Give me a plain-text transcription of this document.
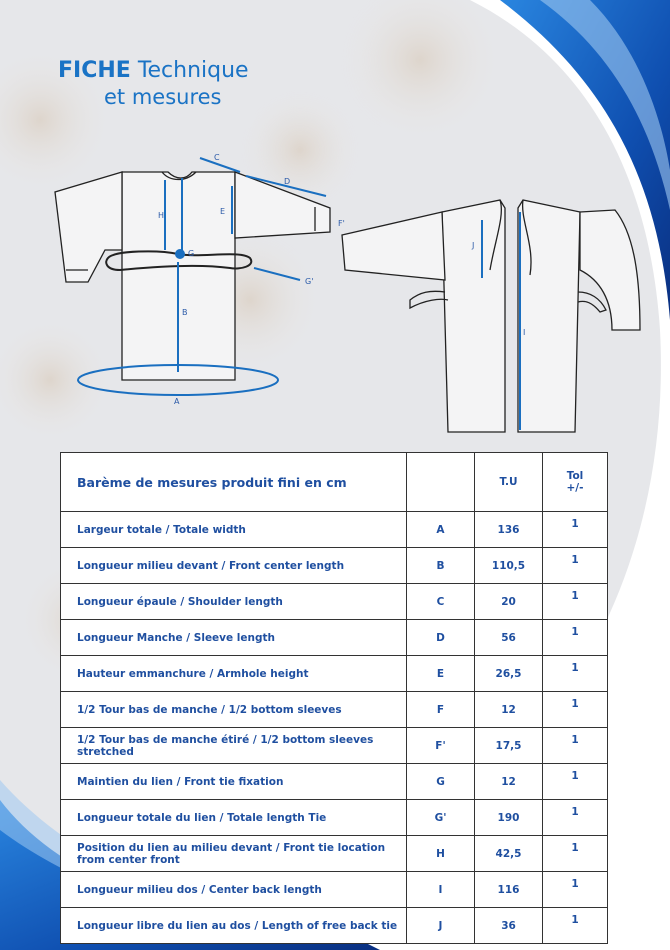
FICHE Technique
et mesures
C
D
H	E
G
G'
B
A
F'
J
I
Barème de mesures produit fini en cm		T.U	Tol
+/-

Largeur totale / Totale width	A	136	1
Longueur milieu devant / Front center length	B	110,5	1
Longueur épaule / Shoulder length	C	20	1
Longueur Manche / Sleeve length	D	56	1
Hauteur emmanchure / Armhole height	E	26,5	1
1/2 Tour bas de manche / 1/2 bottom sleeves	F	12	1
1/2 Tour bas de manche étiré / 1/2 bottom sleeves stretched	F'	17,5	1
Maintien du lien / Front tie fixation	G	12	1
Longueur totale du lien / Totale length Tie	G'	190	1
Position du lien au milieu devant / Front tie location from center front	H	42,5	1
Longueur milieu dos / Center back length	I	116	1
Longueur libre du lien au dos / Length of free back tie	J	36	1
